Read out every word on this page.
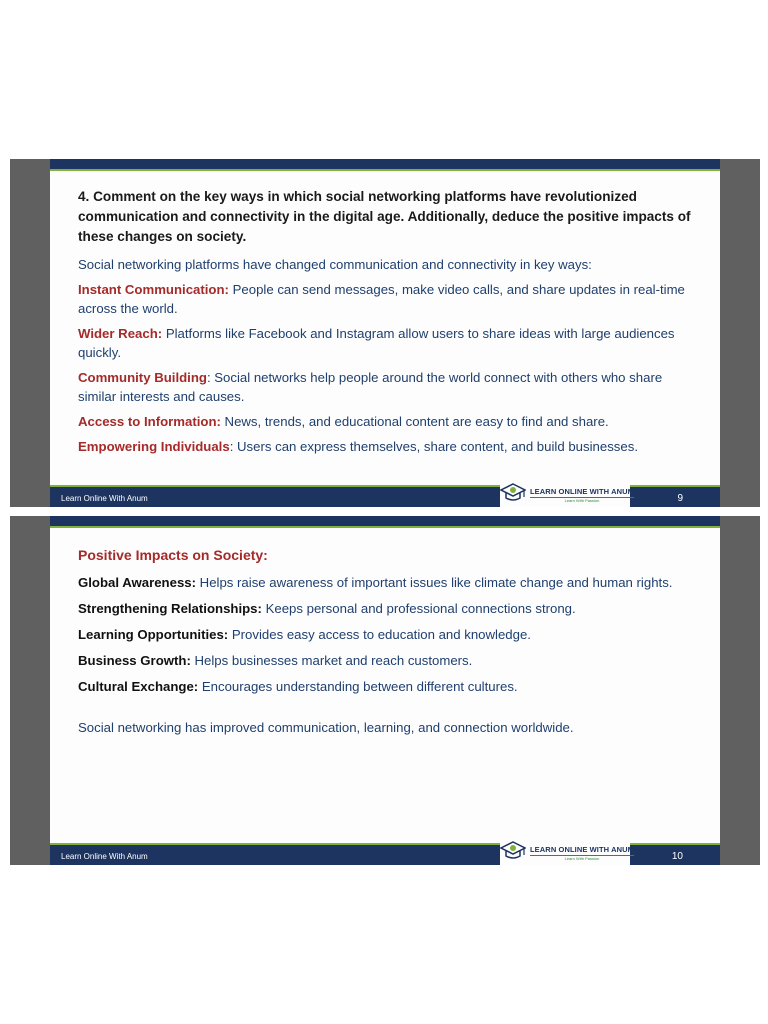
4. Comment on the key ways in which social networking platforms have revolutionized communication and connectivity in the digital age. Additionally, deduce the positive impacts of these changes on society.
Social networking platforms have changed communication and connectivity in key ways:
Instant Communication: People can send messages, make video calls, and share updates in real-time across the world.
Wider Reach: Platforms like Facebook and Instagram allow users to share ideas with large audiences quickly.
Community Building: Social networks help people around the world connect with others who share similar interests and causes.
Access to Information: News, trends, and educational content are easy to find and share.
Empowering Individuals: Users can express themselves, share content, and build businesses.
Learn Online With Anum	9
LEARN ONLINE WITH ANUM
Learn With Passion
Positive Impacts on Society:
Global Awareness: Helps raise awareness of important issues like climate change and human rights.
Strengthening Relationships: Keeps personal and professional connections strong.
Learning Opportunities: Provides easy access to education and knowledge.
Business Growth: Helps businesses market and reach customers.
Cultural Exchange: Encourages understanding between different cultures.
Social networking has improved communication, learning, and connection worldwide.
Learn Online With Anum	10
LEARN ONLINE WITH ANUM
Learn With Passion
